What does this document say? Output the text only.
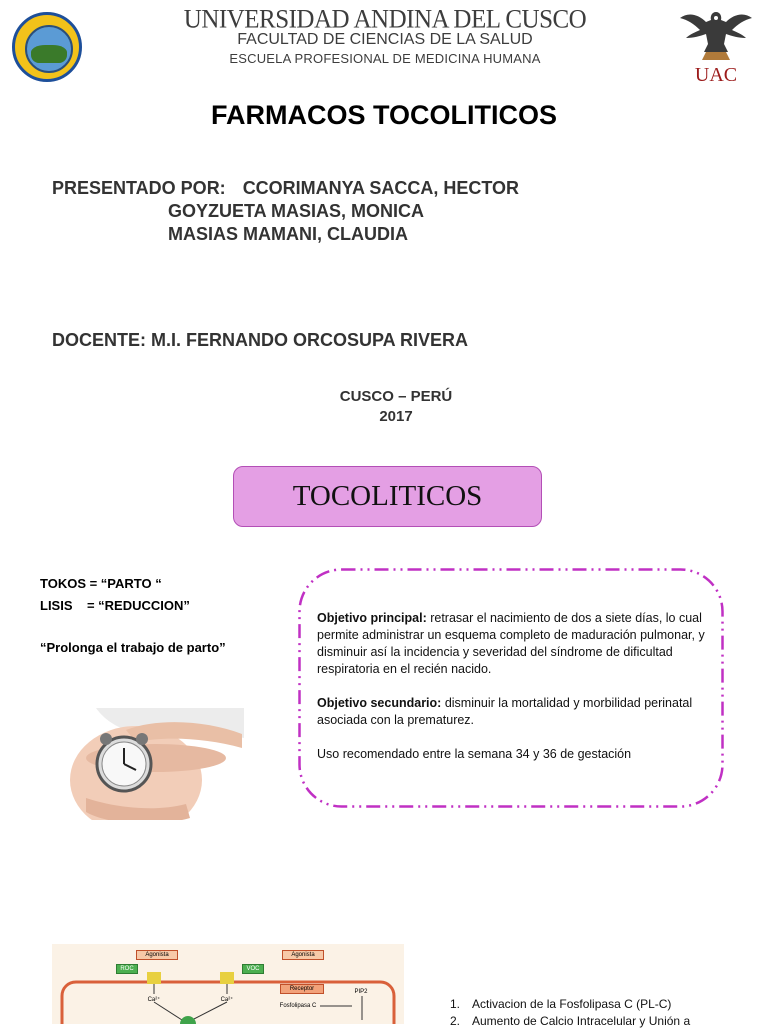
UNIVERSIDAD ANDINA DEL CUSCO
FACULTAD DE CIENCIAS DE LA SALUD
ESCUELA PROFESIONAL DE MEDICINA HUMANA
UAC
FARMACOS TOCOLITICOS
PRESENTADO POR: CCORIMANYA SACCA, HECTOR
GOYZUETA MASIAS, MONICA
MASIAS MAMANI, CLAUDIA
DOCENTE: M.I. FERNANDO ORCOSUPA RIVERA
CUSCO – PERÚ
2017
TOCOLITICOS
TOKOS = “PARTO “
LISIS    = “REDUCCION”
“Prolonga el trabajo de parto”

Objetivo principal: retrasar el nacimiento de dos a siete días, lo cual permite administrar un esquema completo de maduración pulmonar, y disminuir así la incidencia y severidad del síndrome de dificultad respiratoria en el recién nacido.

Objetivo secundario: disminuir la mortalidad y morbilidad perinatal asociada con la prematurez.

Uso recomendado entre la semana 34 y 36 de gestación

Agonista	Agonista
ROC	VOC
Receptor
Fosfolipasa C
PIP2
Ca²⁺	Ca²⁺	1. Activacion de la Fosfolipasa C (PL-C)
2. Aumento de Calcio Intracelular y Unión a
